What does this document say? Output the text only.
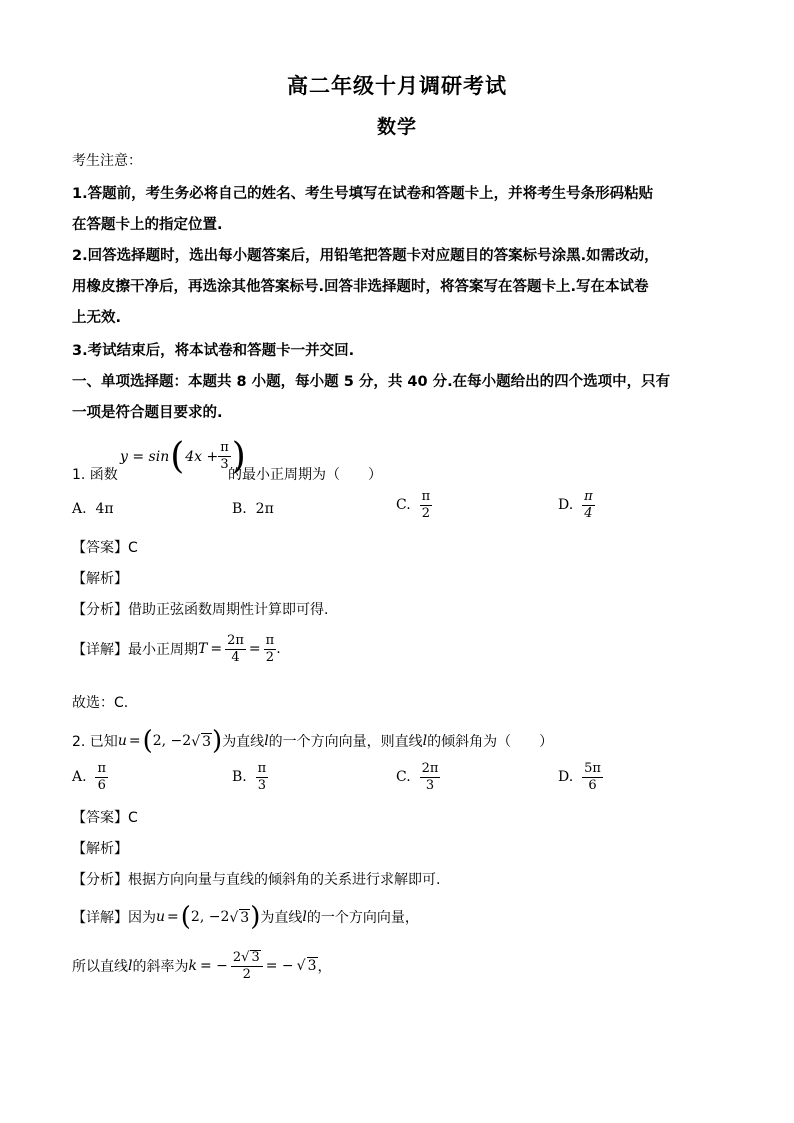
高二年级十月调研考试
数学
考生注意：
1.答题前，考生务必将自己的姓名、考生号填写在试卷和答题卡上，并将考生号条形码粘贴
在答题卡上的指定位置.
2.回答选择题时，选出每小题答案后，用铅笔把答题卡对应题目的答案标号涂黑.如需改动，
用橡皮擦干净后，再选涂其他答案标号.回答非选择题时，将答案写在答题卡上.写在本试卷
上无效.
3.考试结束后，将本试卷和答题卡一并交回.
一、单项选择题：本题共 8 小题，每小题 5 分，共 40 分.在每小题给出的四个选项中，只有
一项是符合题目要求的.
1. 函数
y = sin ( $4x + \frac{\pi}{3}$ )
的最小正周期为（　　）
A. 4π	B. 2π	C.
$\frac{\pi}{2}$	D.
$\frac{\pi}{4}$
【答案】C
【解析】
【分析】借助正弦函数周期性计算即可得.
【详解】 最小正周期 $T = \frac{2\pi}{4} = \frac{\pi}{2}$ .
故选：C.
2. 已知 u = ( 2, −2 √ 3 ) 为直线 l 的一个方向向量，则直线 l 的倾斜角为（　　）
A.
$\frac{\pi}{6}$	B.
$\frac{\pi}{3}$	C.
$\frac{2\pi}{3}$	D.
$\frac{5\pi}{6}$
【答案】C
【解析】
【分析】根据方向向量与直线的倾斜角的关系进行求解即可.
【详解】 因为 u = ( 2, −2 √ 3 ) 为直线 l 的一个方向向量，
所以直线 l 的斜率为 k = − $\frac{2√ 3}{2}$ = − √ 3 ，
